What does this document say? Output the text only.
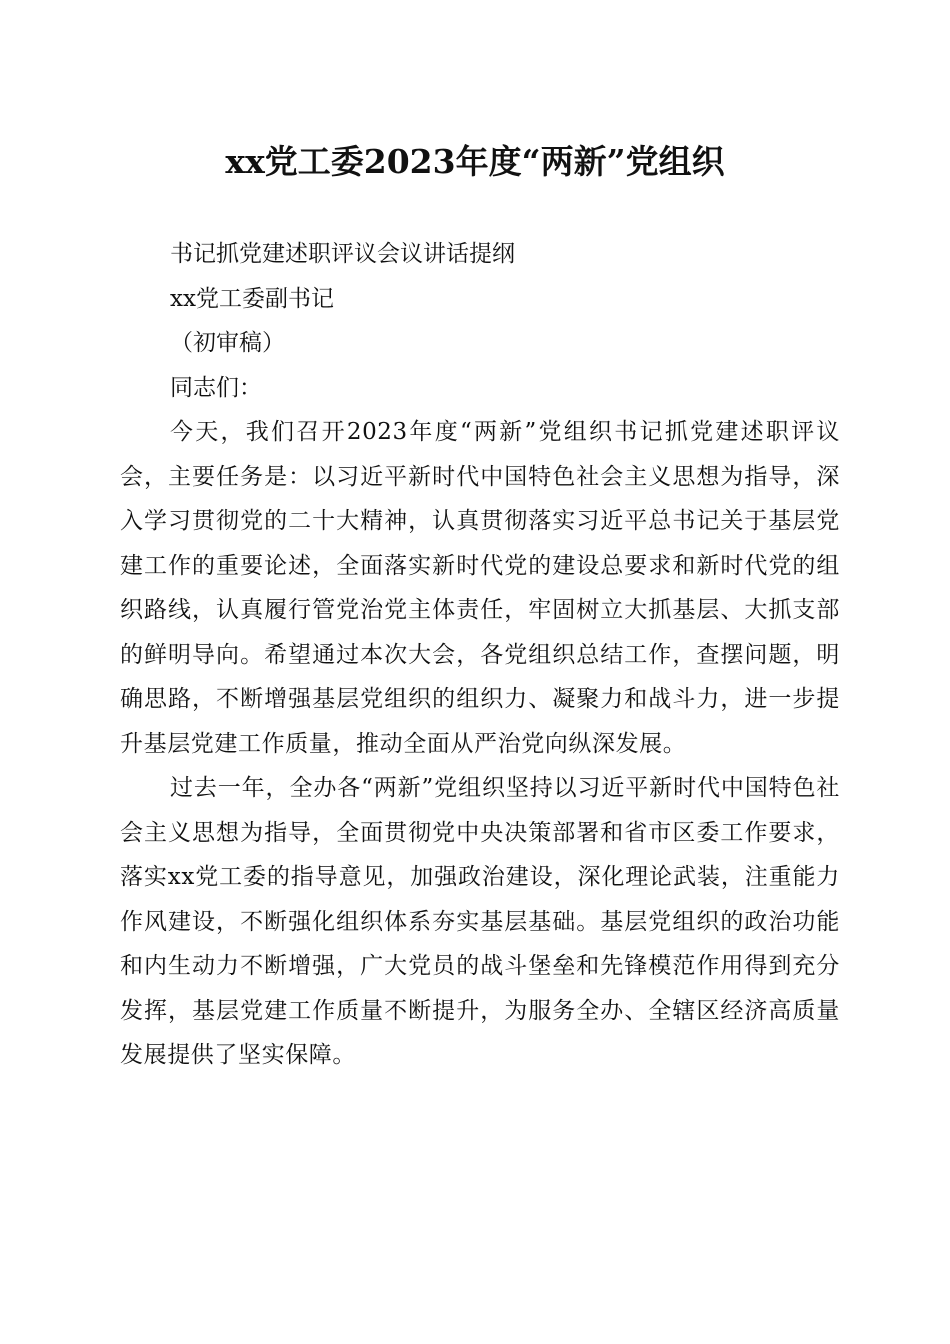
xx党工委2023年度“两新”党组织

书记抓党建述职评议会议讲话提纲

xx党工委副书记

（初审稿）

同志们：

今天，我们召开2023年度“两新”党组织书记抓党建述职评议会，主要任务是：以习近平新时代中国特色社会主义思想为指导，深入学习贯彻党的二十大精神，认真贯彻落实习近平总书记关于基层党建工作的重要论述，全面落实新时代党的建设总要求和新时代党的组织路线，认真履行管党治党主体责任，牢固树立大抓基层、大抓支部的鲜明导向。希望通过本次大会，各党组织总结工作，查摆问题，明确思路，不断增强基层党组织的组织力、凝聚力和战斗力，进一步提升基层党建工作质量，推动全面从严治党向纵深发展。

过去一年，全办各“两新”党组织坚持以习近平新时代中国特色社会主义思想为指导，全面贯彻党中央决策部署和省市区委工作要求，落实xx党工委的指导意见，加强政治建设，深化理论武装，注重能力作风建设，不断强化组织体系夯实基层基础。基层党组织的政治功能和内生动力不断增强，广大党员的战斗堡垒和先锋模范作用得到充分发挥，基层党建工作质量不断提升，为服务全办、全辖区经济高质量发展提供了坚实保障。
